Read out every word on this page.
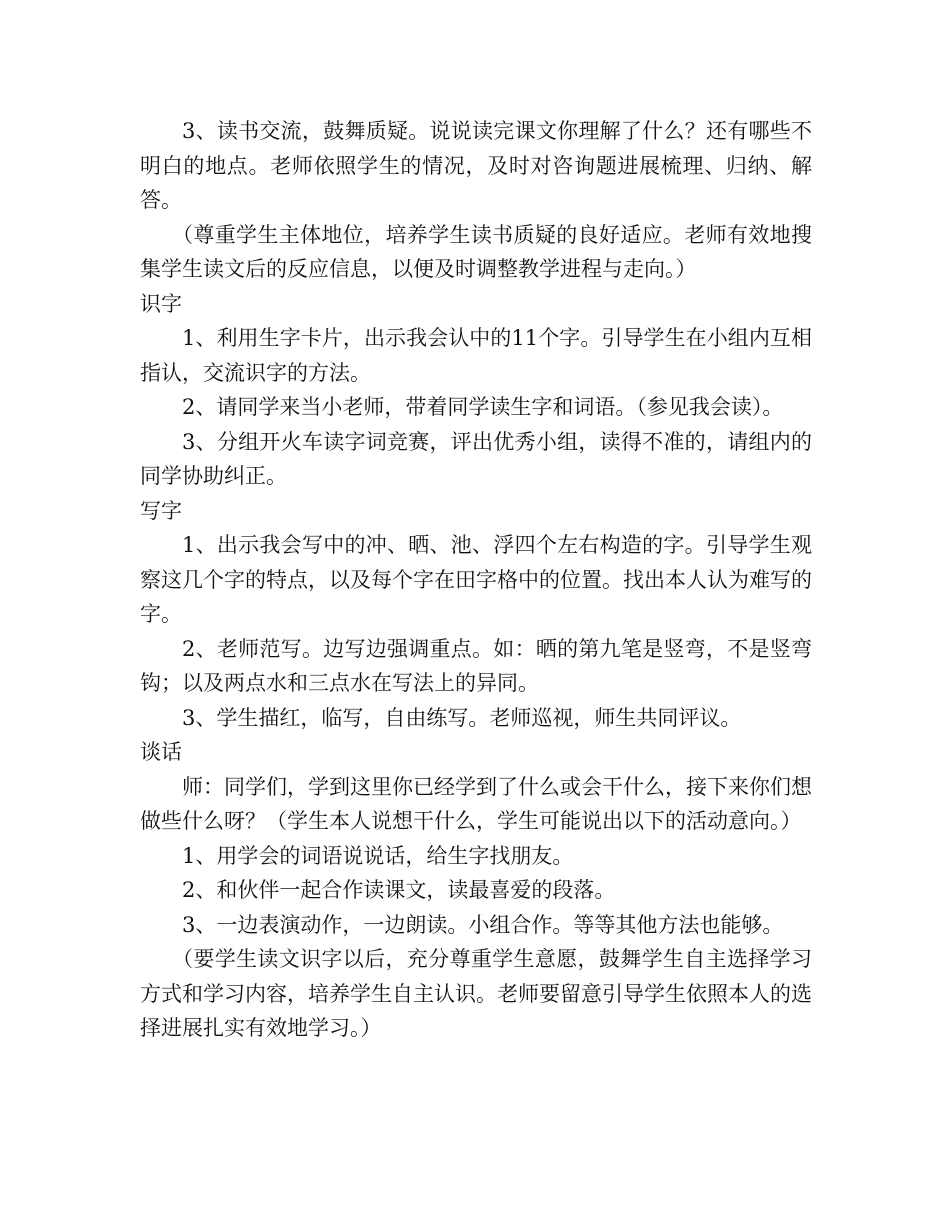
3、读书交流，鼓舞质疑。说说读完课文你理解了什么？还有哪些不明白的地点。老师依照学生的情况，及时对咨询题进展梳理、归纳、解答。

（尊重学生主体地位，培养学生读书质疑的良好适应。老师有效地搜集学生读文后的反应信息，以便及时调整教学进程与走向。）

识字

1、利用生字卡片，出示我会认中的11个字。引导学生在小组内互相指认，交流识字的方法。

2、请同学来当小老师，带着同学读生字和词语。（参见我会读）。

3、分组开火车读字词竞赛，评出优秀小组，读得不准的，请组内的同学协助纠正。

写字

1、出示我会写中的冲、晒、池、浮四个左右构造的字。引导学生观察这几个字的特点，以及每个字在田字格中的位置。找出本人认为难写的字。

2、老师范写。边写边强调重点。如：晒的第九笔是竖弯，不是竖弯钩；以及两点水和三点水在写法上的异同。

3、学生描红，临写，自由练写。老师巡视，师生共同评议。

谈话

师：同学们，学到这里你已经学到了什么或会干什么，接下来你们想做些什么呀？（学生本人说想干什么，学生可能说出以下的活动意向。）

1、用学会的词语说说话，给生字找朋友。

2、和伙伴一起合作读课文，读最喜爱的段落。

3、一边表演动作，一边朗读。小组合作。等等其他方法也能够。

（要学生读文识字以后，充分尊重学生意愿，鼓舞学生自主选择学习方式和学习内容，培养学生自主认识。老师要留意引导学生依照本人的选择进展扎实有效地学习。）
